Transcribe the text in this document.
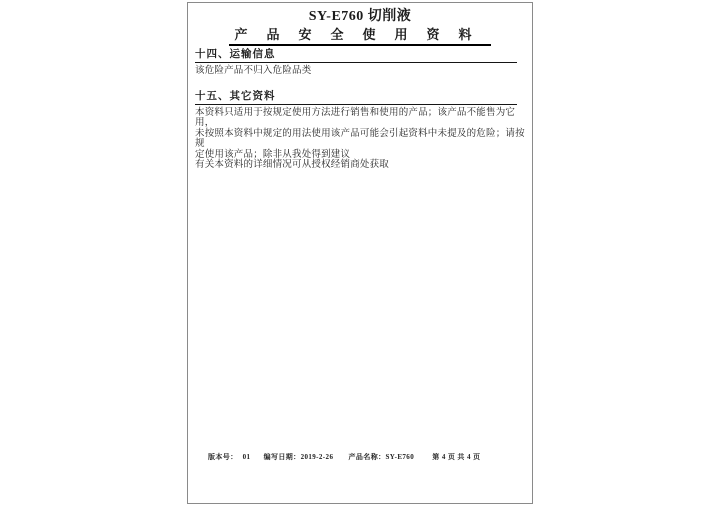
SY-E760 切削液
产品安全使用资料
十四、运输信息
该危险产品不归入危险品类
十五、其它资料
本资料只适用于按规定使用方法进行销售和使用的产品；该产品不能售为它用，
未按照本资料中规定的用法使用该产品可能会引起资料中未提及的危险；请按规
定使用该产品；除非从我处得到建议
有关本资料的详细情况可从授权经销商处获取
版本号： 01 编写日期：2019-2-26 产品名称：SY-E760	第 4 页 共 4 页
